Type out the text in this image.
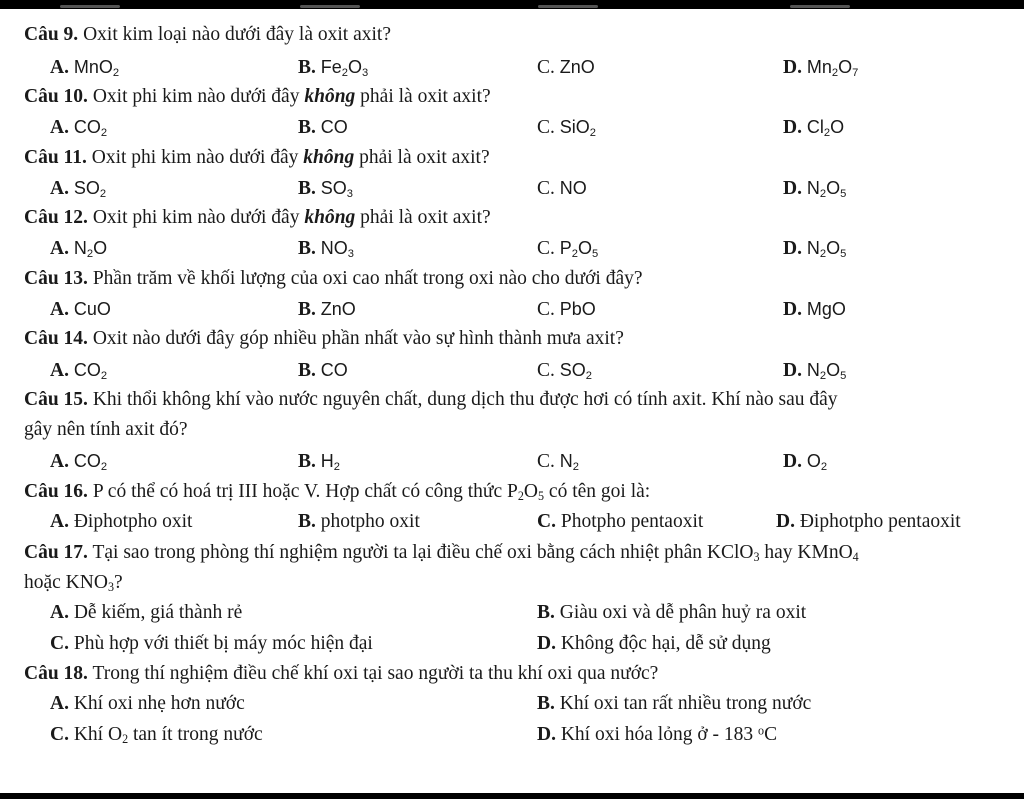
Câu 9. Oxit kim loại nào dưới đây là oxit axit?
A. MnO$_2$	B. $Fe_2O_3$	C. ZnO	D. $Mn_2O_7$
Câu 10. Oxit phi kim nào dưới đây không phải là oxit axit?
A. $CO_2$	B. CO	C. SiO$_2$	D. $Cl_2O$
Câu 11. Oxit phi kim nào dưới đây không phải là oxit axit?
A. $SO_2$	B. $SO_3$	C. NO	D. $N_2O_5$
Câu 12. Oxit phi kim nào dưới đây không phải là oxit axit?
A. $N_2O$	B. $NO_3$	C. $P_2O_5$	D. $N_2O_5$
Câu 13. Phần trăm về khối lượng của oxi cao nhất trong oxi nào cho dưới đây?
A. CuO	B. ZnO	C. PbO	D. MgO
Câu 14. Oxit nào dưới đây góp nhiều phần nhất vào sự hình thành mưa axit?
A. $CO_2$	B. CO	C. $SO_2$	D. $N_2O_5$
Câu 15. Khi thổi không khí vào nước nguyên chất, dung dịch thu được hơi có tính axit. Khí nào sau đây
gây nên tính axit đó?
A. $CO_2$	B. $H_2$	C. $N_2$	D. $O_2$
Câu 16. P có thể có hoá trị III hoặc V. Hợp chất có công thức $P_2O_5$ có tên goi là:
A. Điphotpho oxit	B. photpho oxit	C. Photpho pentaoxit	D. Điphotpho pentaoxit
Câu 17. Tại sao trong phòng thí nghiệm người ta lại điều chế oxi bằng cách nhiệt phân KClO$_3$ hay KMnO$_4$
hoặc $KNO_3$?
A. Dễ kiếm, giá thành rẻ	B. Giàu oxi và dễ phân huỷ ra oxit
C. Phù hợp với thiết bị máy móc hiện đại	D. Không độc hại, dễ sử dụng
Câu 18. Trong thí nghiệm điều chế khí oxi tại sao người ta thu khí oxi qua nước?
A. Khí oxi nhẹ hơn nước	B. Khí oxi tan rất nhiều trong nước
C. Khí $O_2$ tan ít trong nước	D. Khí oxi hóa lỏng ở - 183 $^o$C
